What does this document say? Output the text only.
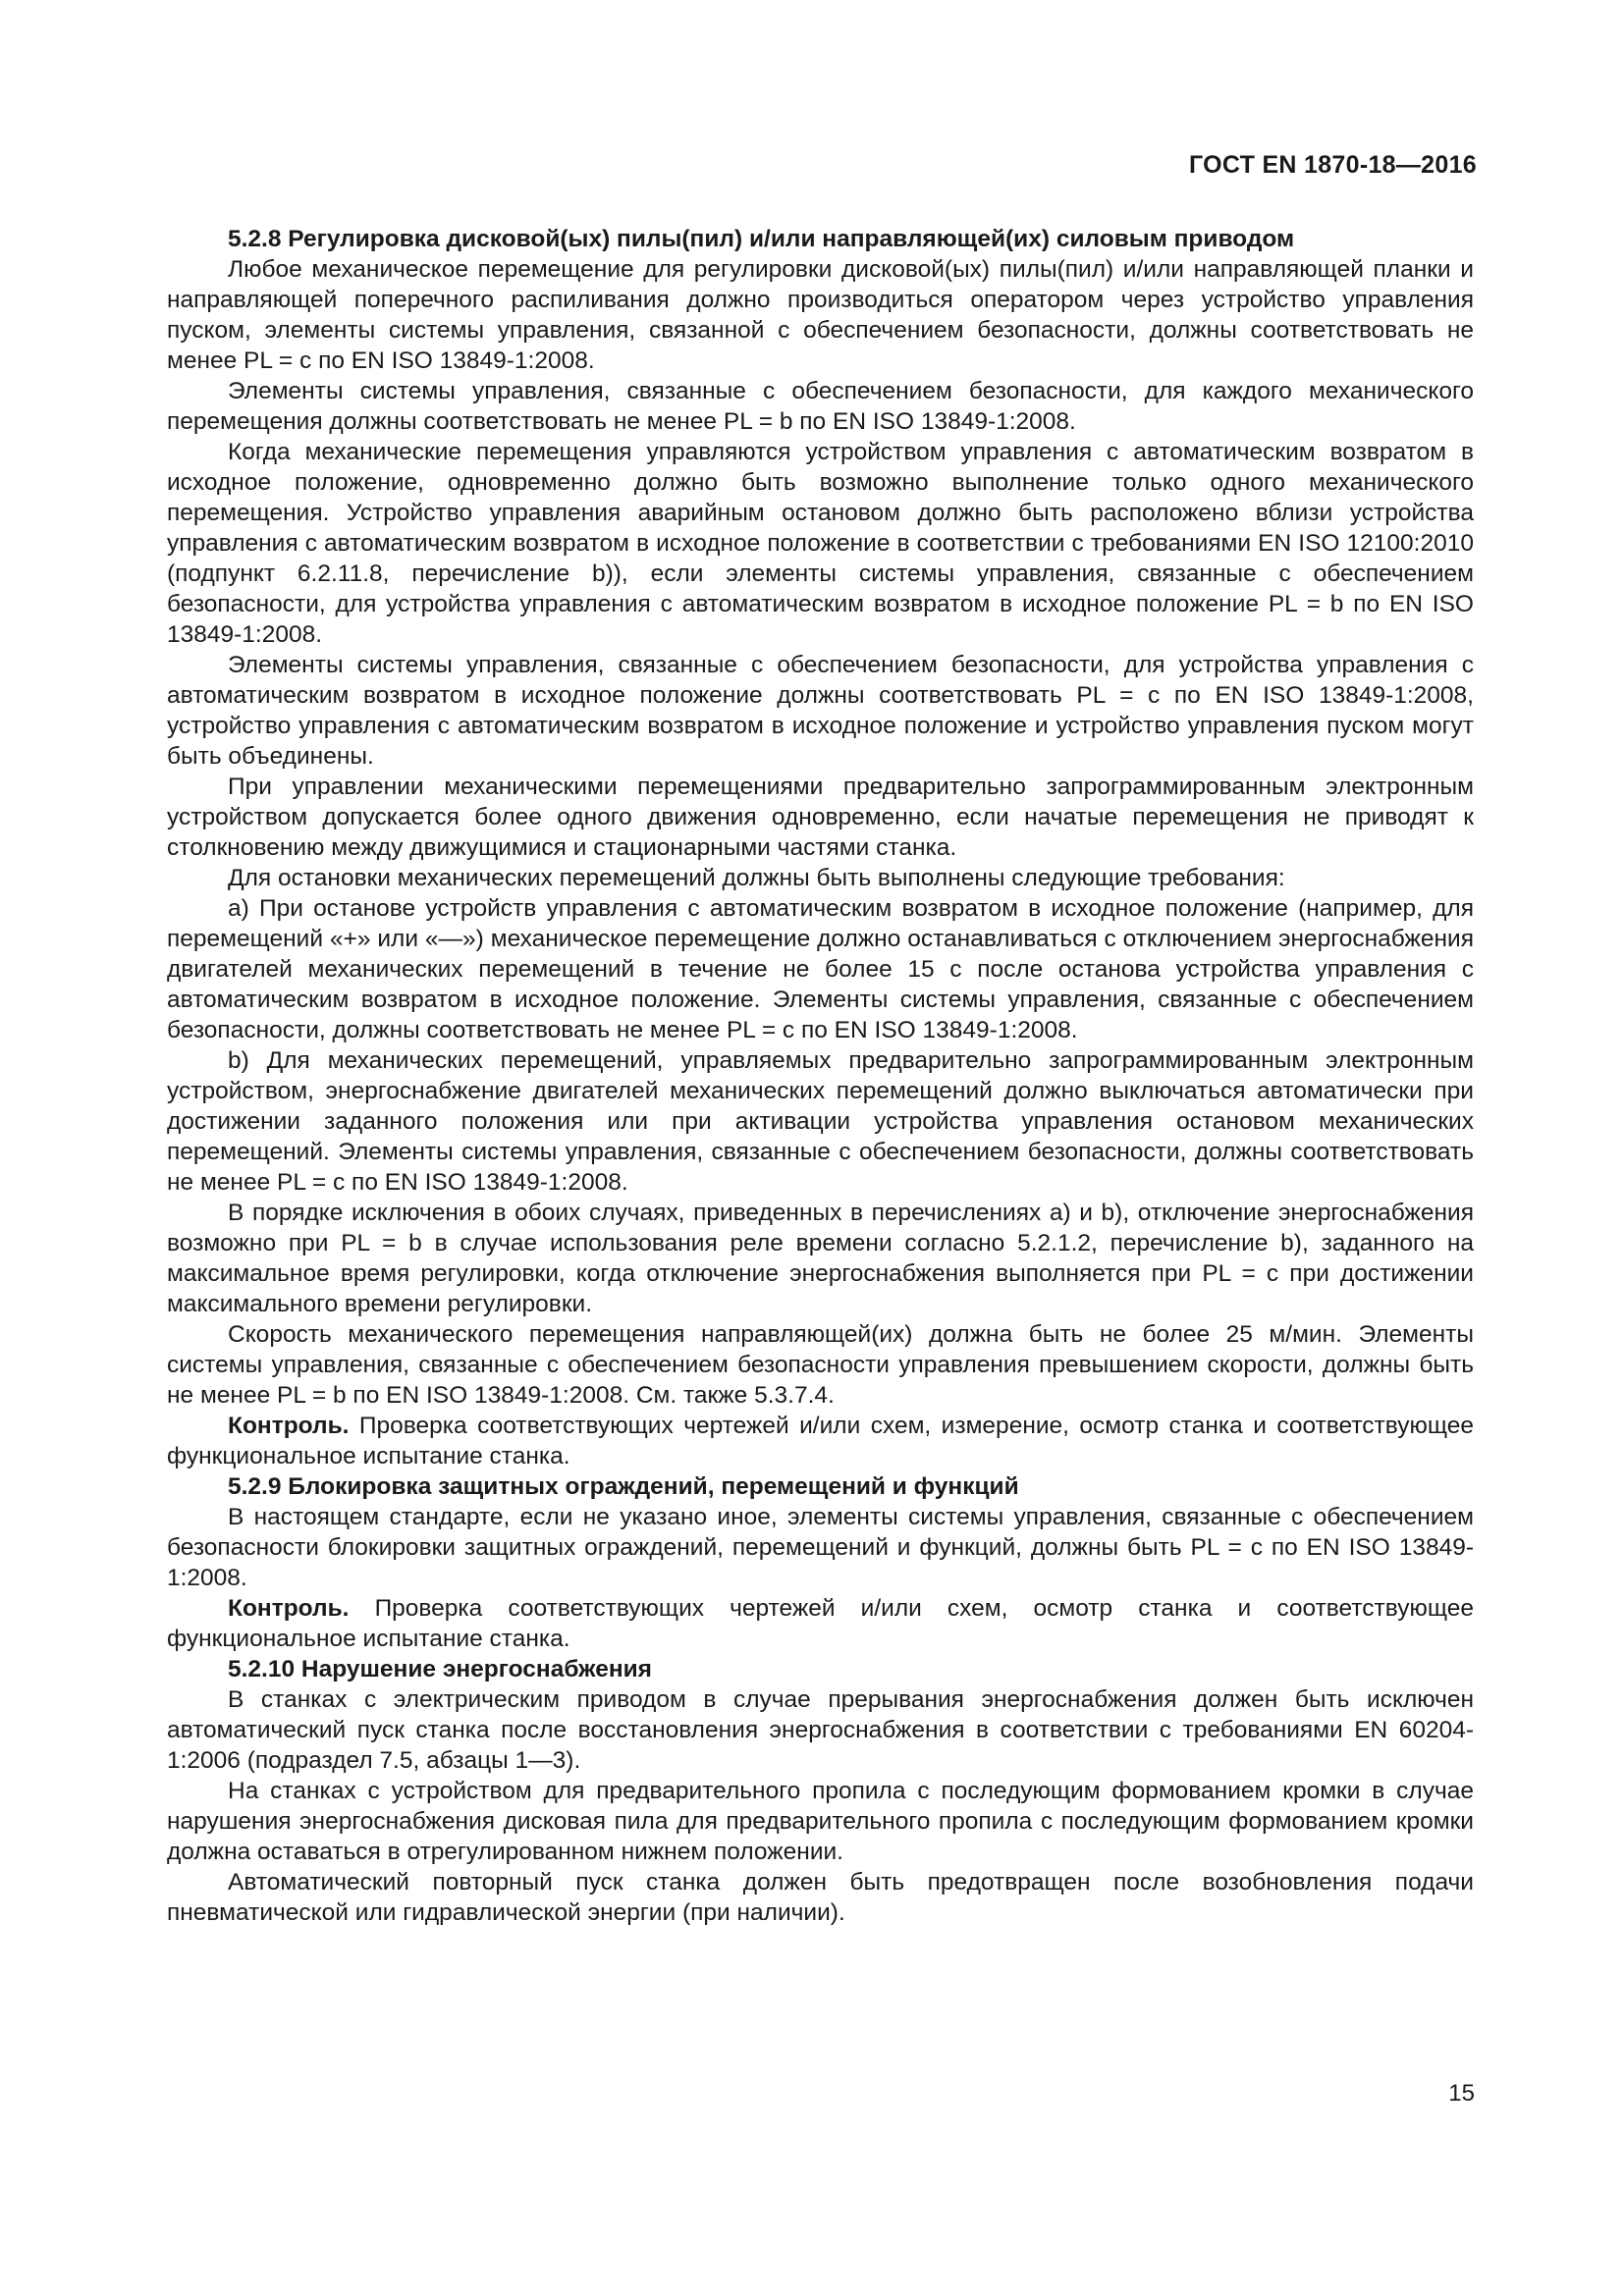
ГОСТ EN 1870-18—2016
5.2.8 Регулировка дисковой(ых) пилы(пил) и/или направляющей(их) силовым приводом

Любое механическое перемещение для регулировки дисковой(ых) пилы(пил) и/или направляющей планки и направляющей поперечного распиливания должно производиться оператором через устройство управления пуском, элементы системы управления, связанной с обеспечением безопасности, должны соответствовать не менее PL = c по EN ISO 13849-1:2008.

Элементы системы управления, связанные с обеспечением безопасности, для каждого механического перемещения должны соответствовать не менее PL = b по EN ISO 13849-1:2008.

Когда механические перемещения управляются устройством управления с автоматическим возвратом в исходное положение, одновременно должно быть возможно выполнение только одного механического перемещения. Устройство управления аварийным остановом должно быть расположено вблизи устройства управления с автоматическим возвратом в исходное положение в соответствии с требованиями EN ISO 12100:2010 (подпункт 6.2.11.8, перечисление b)), если элементы системы управления, связанные с обеспечением безопасности, для устройства управления с автоматическим возвратом в исходное положение PL = b по EN ISO 13849-1:2008.

Элементы системы управления, связанные с обеспечением безопасности, для устройства управления с автоматическим возвратом в исходное положение должны соответствовать PL = c по EN ISO 13849-1:2008, устройство управления с автоматическим возвратом в исходное положение и устройство управления пуском могут быть объединены.

При управлении механическими перемещениями предварительно запрограммированным электронным устройством допускается более одного движения одновременно, если начатые перемещения не приводят к столкновению между движущимися и стационарными частями станка.

Для остановки механических перемещений должны быть выполнены следующие требования:

a) При останове устройств управления с автоматическим возвратом в исходное положение (например, для перемещений «+» или «—») механическое перемещение должно останавливаться с отключением энергоснабжения двигателей механических перемещений в течение не более 15 с после останова устройства управления с автоматическим возвратом в исходное положение. Элементы системы управления, связанные с обеспечением безопасности, должны соответствовать не менее PL = c по EN ISO 13849-1:2008.

b) Для механических перемещений, управляемых предварительно запрограммированным электронным устройством, энергоснабжение двигателей механических перемещений должно выключаться автоматически при достижении заданного положения или при активации устройства управления остановом механических перемещений. Элементы системы управления, связанные с обеспечением безопасности, должны соответствовать не менее PL = c по EN ISO 13849-1:2008.

В порядке исключения в обоих случаях, приведенных в перечислениях a) и b), отключение энергоснабжения возможно при PL = b в случае использования реле времени согласно 5.2.1.2, перечисление b), заданного на максимальное время регулировки, когда отключение энергоснабжения выполняется при PL = c при достижении максимального времени регулировки.

Скорость механического перемещения направляющей(их) должна быть не более 25 м/мин. Элементы системы управления, связанные с обеспечением безопасности управления превышением скорости, должны быть не менее PL = b по EN ISO 13849-1:2008. См. также 5.3.7.4.

Контроль. Проверка соответствующих чертежей и/или схем, измерение, осмотр станка и соответствующее функциональное испытание станка.

5.2.9 Блокировка защитных ограждений, перемещений и функций

В настоящем стандарте, если не указано иное, элементы системы управления, связанные с обеспечением безопасности блокировки защитных ограждений, перемещений и функций, должны быть PL = c по EN ISO 13849-1:2008.

Контроль. Проверка соответствующих чертежей и/или схем, осмотр станка и соответствующее функциональное испытание станка.

5.2.10 Нарушение энергоснабжения

В станках с электрическим приводом в случае прерывания энергоснабжения должен быть исключен автоматический пуск станка после восстановления энергоснабжения в соответствии с требованиями EN 60204-1:2006 (подраздел 7.5, абзацы 1—3).

На станках с устройством для предварительного пропила с последующим формованием кромки в случае нарушения энергоснабжения дисковая пила для предварительного пропила с последующим формованием кромки должна оставаться в отрегулированном нижнем положении.

Автоматический повторный пуск станка должен быть предотвращен после возобновления подачи пневматической или гидравлической энергии (при наличии).

15
